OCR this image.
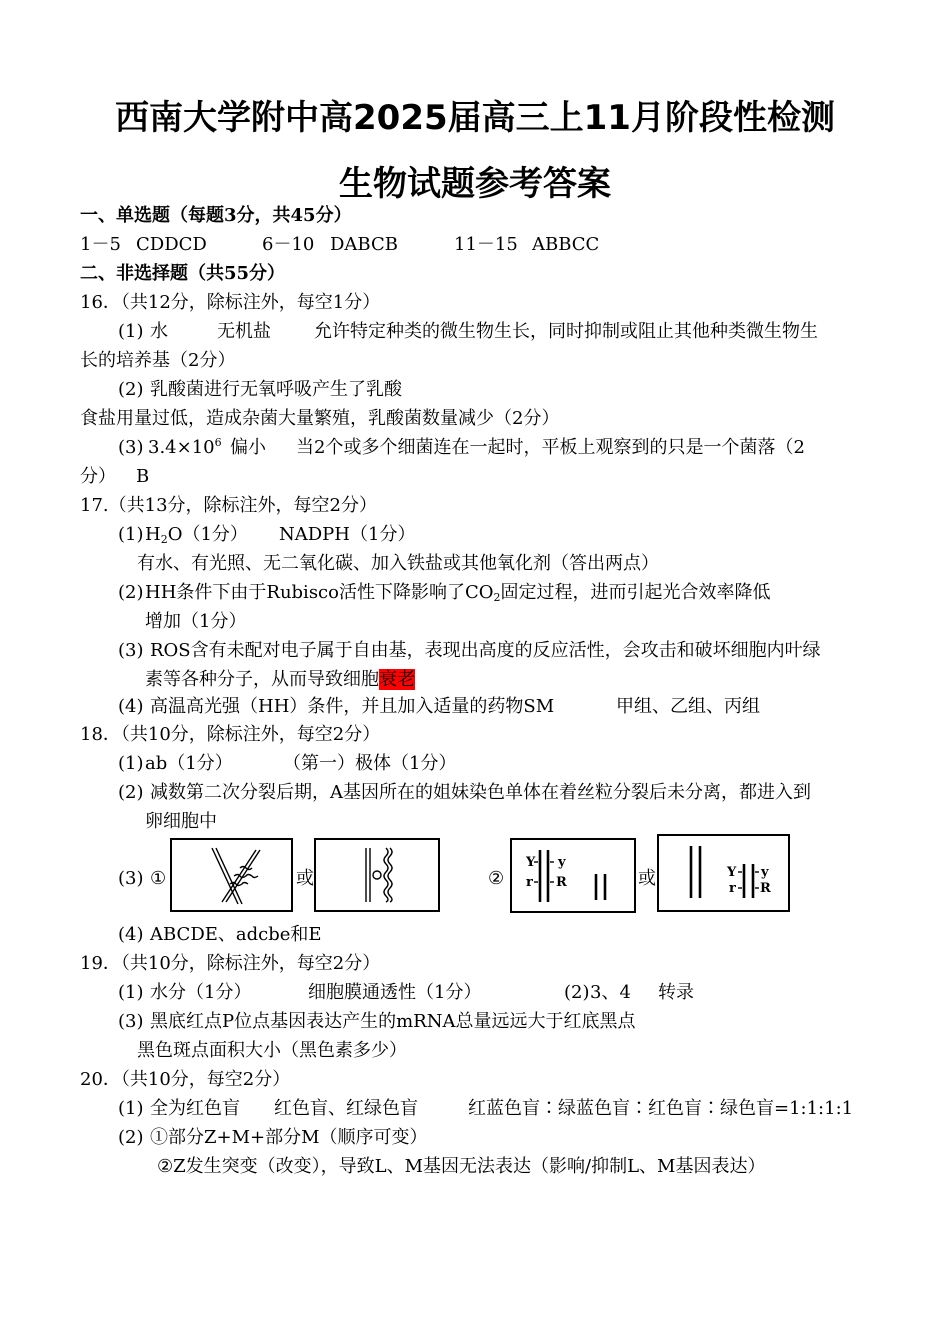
西南大学附中高2025届高三上11月阶段性检测
生物试题参考答案
一、单选题（每题3分，共45分）
1－5 CDDCD	6－10 DABCB	11－15 ABBCC
二、非选择题（共55分）
16．（共12分，除标注外，每空1分）
(1) 水	无机盐 允许特定种类的微生物生长，同时抑制或阻止其他种类微生物生
长的培养基（2分）
(2) 乳酸菌进行无氧呼吸产生了乳酸
食盐用量过低，造成杂菌大量繁殖，乳酸菌数量减少（2分）
(3) $3.4\times 10^6$ 偏小 当2个或多个细菌连在一起时，平板上观察到的只是一个菌落（2
分） B
17.（共13分，除标注外，每空2分）
$(1)H_2O(1$分） NADPH（1分）
有水、有光照、无二氧化碳、加入铁盐或其他氧化剂（答出两点）
(2)HH条件下由于Rubisco活性下降影响了$CO_2$固定过程，进而引起光合效率降低
增加（1分）
(3) ROS含有未配对电子属于自由基，表现出高度的反应活性，会攻击和破坏细胞内叶绿
素等各种分子，从而导致细胞衰老
(4) 高温高光强（HH）条件，并且加入适量的药物SM	甲组、乙组、丙组
18．（共10分，除标注外，每空2分）
(1)ab（1分）	（第一）极体（1分）
(2) 减数第二次分裂后期，A基因所在的姐妹染色单体在着丝粒分裂后未分离，都进入到
卵细胞中
(3) ①	或	②
Y y
r R	或	Y y
r R
(4) ABCDE、adcbe和E
19．（共10分，除标注外，每空2分）
(1) 水分（1分）	细胞膜通透性（1分）	(2)3、4 转录
(3) 黑底红点P位点基因表达产生的mRNA总量远远大于红底黑点
黑色斑点面积大小（黑色素多少）
20．（共10分，每空2分）
(1) 全为红色盲 红色盲、红绿色盲	红蓝色盲∶绿蓝色盲∶红色盲∶绿色盲=1:1:1:1
(2) ①部分Z+M+部分M（顺序可变）
②Z发生突变（改变），导致L、M基因无法表达（影响/抑制L、M基因表达）
